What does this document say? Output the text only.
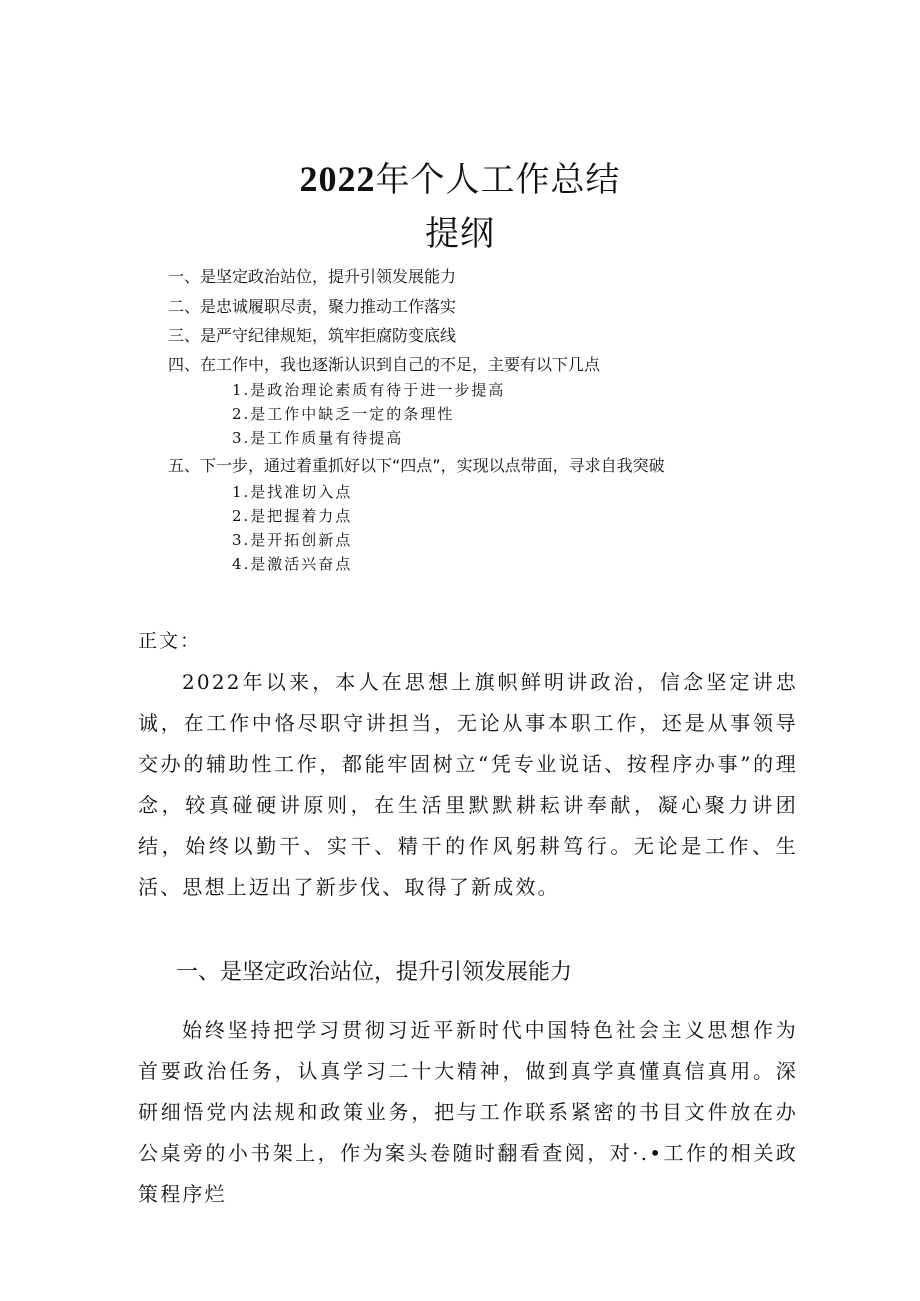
2022年个人工作总结
提纲
一、是坚定政治站位，提升引领发展能力
二、是忠诚履职尽责，聚力推动工作落实
三、是严守纪律规矩，筑牢拒腐防变底线
四、在工作中，我也逐渐认识到自己的不足，主要有以下几点
1.是政治理论素质有待于进一步提高
2.是工作中缺乏一定的条理性
3.是工作质量有待提高
五、下一步，通过着重抓好以下“四点”，实现以点带面，寻求自我突破
1.是找准切入点
2.是把握着力点
3.是开拓创新点
4.是激活兴奋点
正文：

2022年以来，本人在思想上旗帜鲜明讲政治，信念坚定讲忠诚，在工作中恪尽职守讲担当，无论从事本职工作，还是从事领导交办的辅助性工作，都能牢固树立“凭专业说话、按程序办事”的理念，较真碰硬讲原则，在生活里默默耕耘讲奉献，凝心聚力讲团结，始终以勤干、实干、精干的作风躬耕笃行。无论是工作、生活、思想上迈出了新步伐、取得了新成效。

一、是坚定政治站位，提升引领发展能力

始终坚持把学习贯彻习近平新时代中国特色社会主义思想作为首要政治任务，认真学习二十大精神，做到真学真懂真信真用。深研细悟党内法规和政策业务，把与工作联系紧密的书目文件放在办公桌旁的小书架上，作为案头卷随时翻看查阅，对·.•工作的相关政策程序烂
